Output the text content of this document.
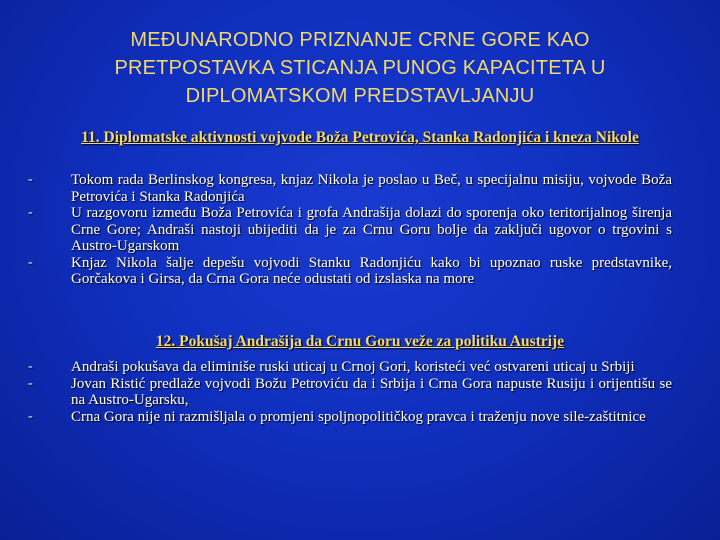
MEĐUNARODNO PRIZNANJE CRNE GORE KAO
PRETPOSTAVKA STICANJA PUNOG KAPACITETA U
DIPLOMATSKOM PREDSTAVLJANJU
11. Diplomatske aktivnosti vojvode Boža Petrovića, Stanka Radonjića i kneza Nikole
-	Tokom rada Berlinskog kongresa, knjaz Nikola je poslao u Beč, u specijalnu misiju, vojvode Boža Petrovića i Stanka Radonjića
-	U razgovoru između Boža Petrovića i grofa Andrašija dolazi do sporenja oko teritorijalnog širenja Crne Gore; Andraši nastoji ubijediti da je za Crnu Goru bolje da zaključi ugovor o trgovini s Austro-Ugarskom
-	Knjaz Nikola šalje depešu vojvodi Stanku Radonjiću kako bi upoznao ruske predstavnike, Gorčakova i Girsa, da Crna Gora neće odustati od izslaska na more
12. Pokušaj Andrašija da Crnu Goru veže za politiku Austrije
-	Andraši pokušava da eliminiše ruski uticaj u Crnoj Gori, koristeći već ostvareni uticaj u Srbiji
-	Jovan Ristić predlaže vojvodi Božu Petroviću da i Srbija i Crna Gora napuste Rusiju i orijentišu se na Austro-Ugarsku,
-	Crna Gora nije ni razmišljala o promjeni spoljnopolitičkog pravca i traženju nove sile-zaštitnice
